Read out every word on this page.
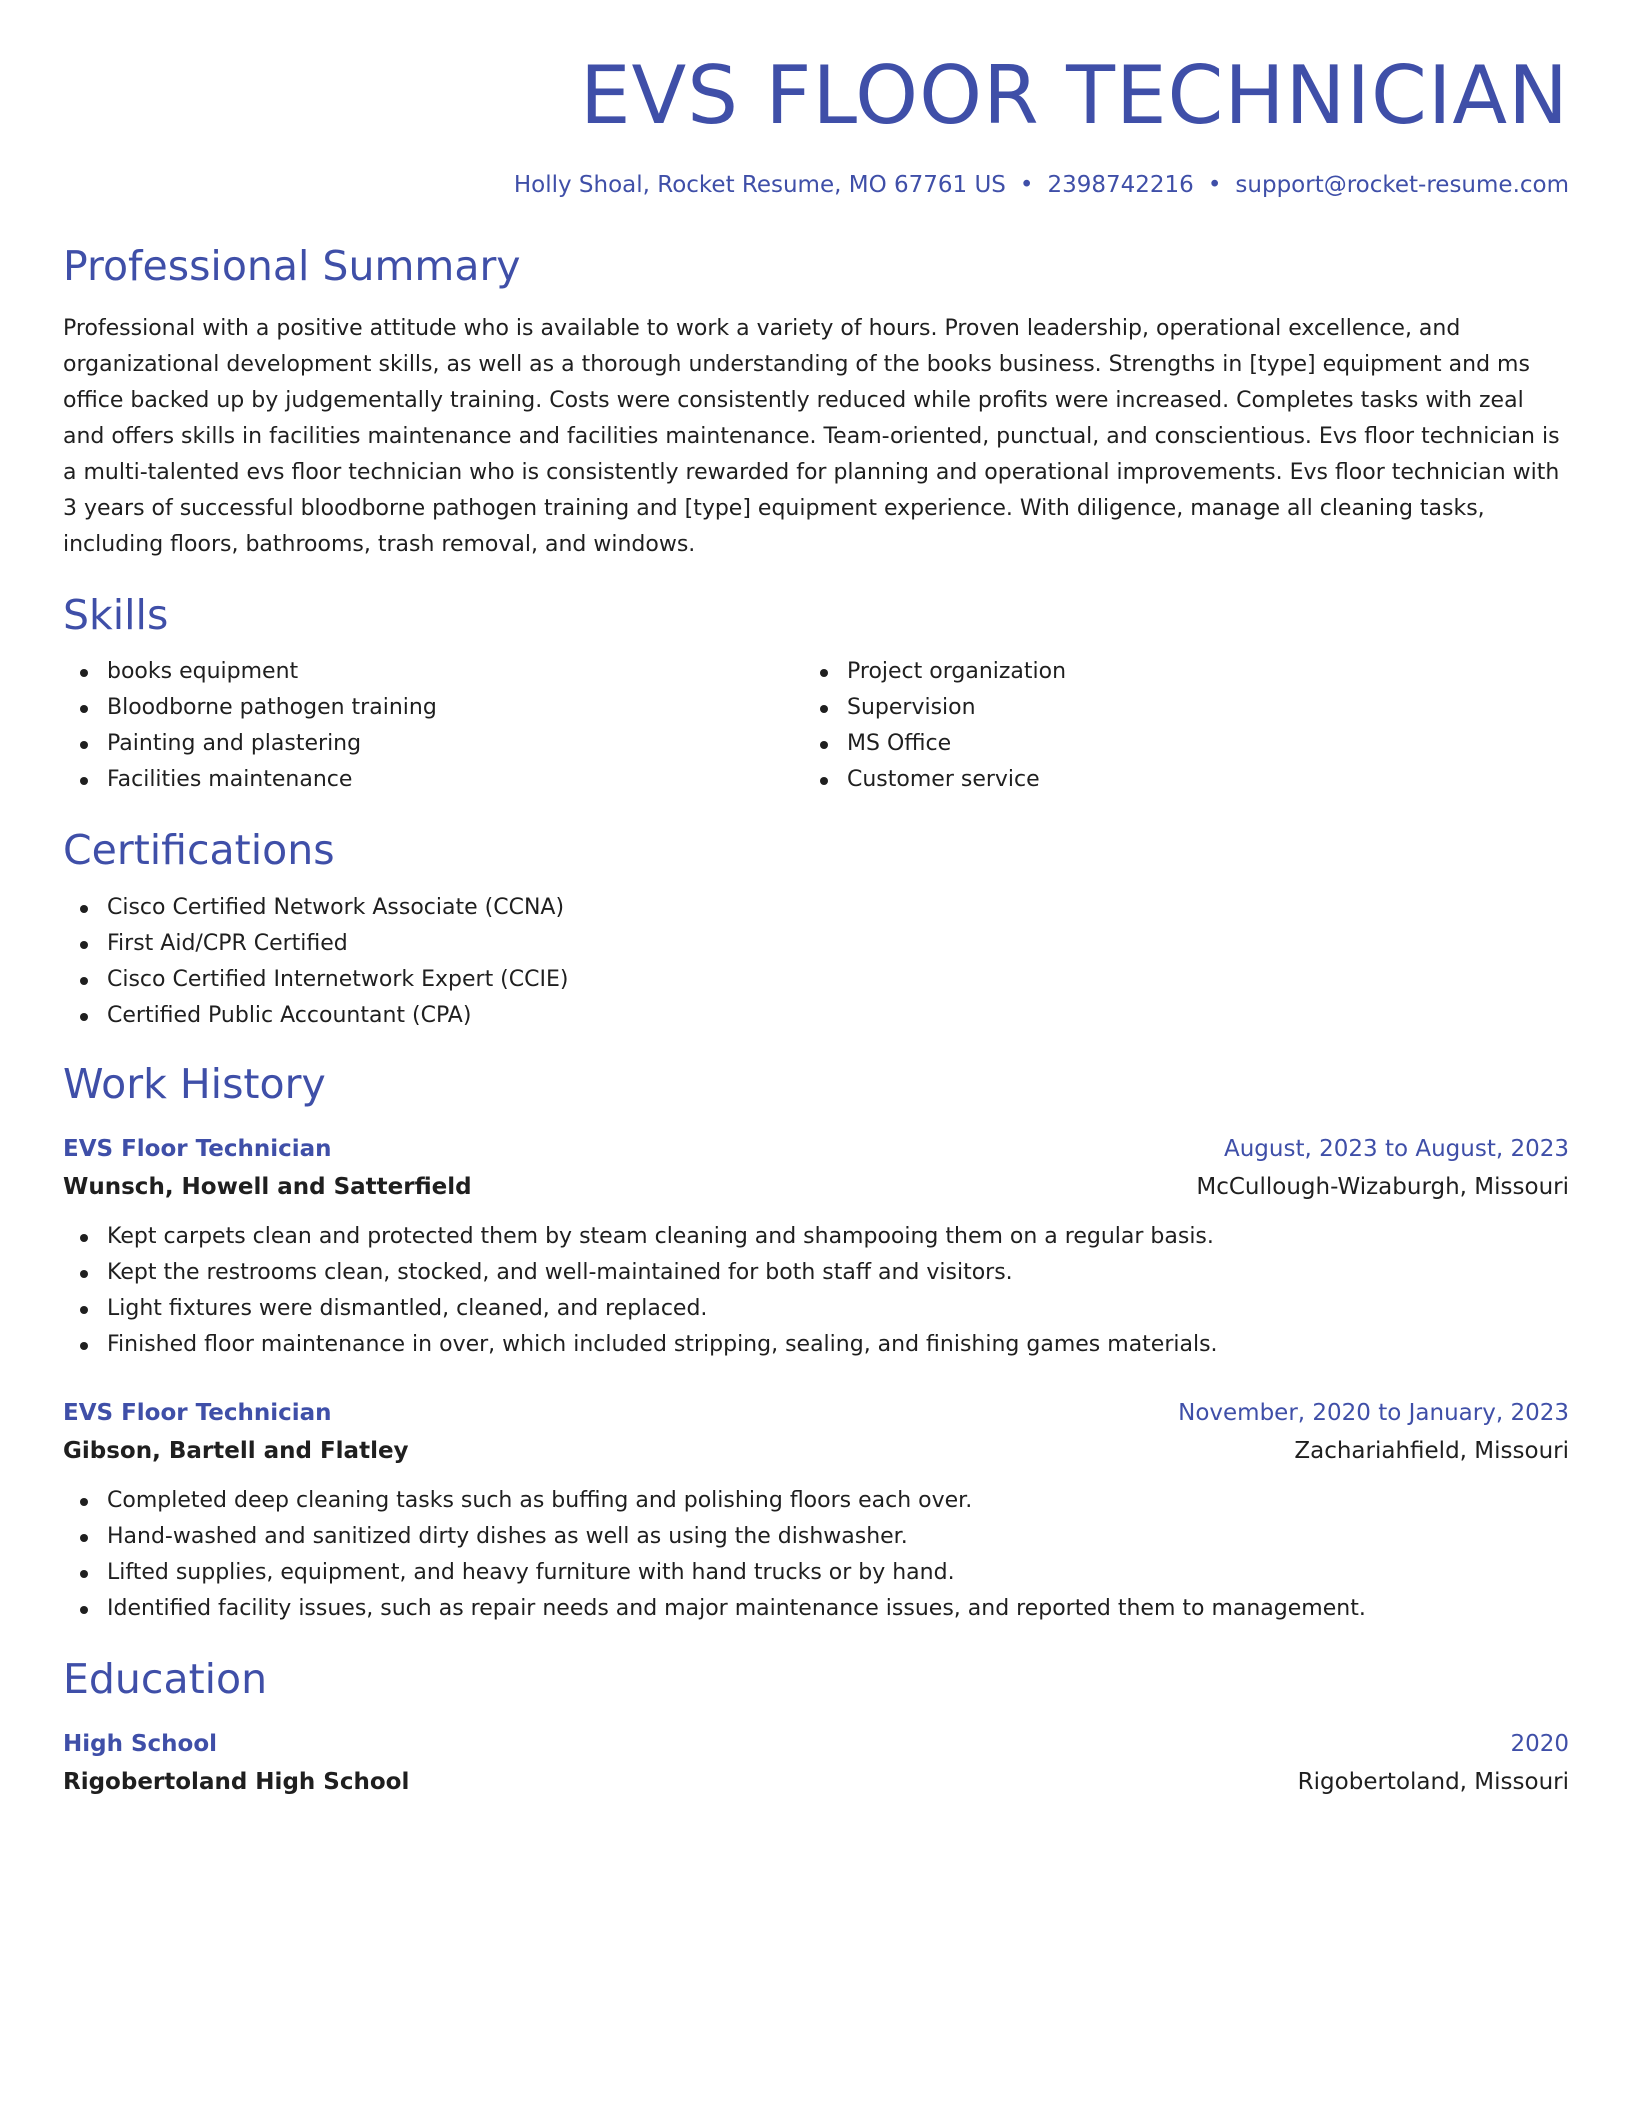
EVS FLOOR TECHNICIAN
Holly Shoal, Rocket Resume, MO 67761 US • 2398742216 • support@rocket-resume.com
Professional Summary

Professional with a positive attitude who is available to work a variety of hours. Proven leadership, operational excellence, and organizational development skills, as well as a thorough understanding of the books business. Strengths in [type] equipment and ms office backed up by judgementally training. Costs were consistently reduced while profits were increased. Completes tasks with zeal and offers skills in facilities maintenance and facilities maintenance. Team-oriented, punctual, and conscientious. Evs floor technician is a multi-talented evs floor technician who is consistently rewarded for planning and operational improvements. Evs floor technician with 3 years of successful bloodborne pathogen training and [type] equipment experience. With diligence, manage all cleaning tasks, including floors, bathrooms, trash removal, and windows.

Skills
books equipment
Bloodborne pathogen training
Painting and plastering
Facilities maintenance
Project organization
Supervision
MS Office
Customer service
Certifications
Cisco Certified Network Associate (CCNA)
First Aid/CPR Certified
Cisco Certified Internetwork Expert (CCIE)
Certified Public Accountant (CPA)
Work History
EVS Floor Technician	August, 2023 to August, 2023
Wunsch, Howell and Satterfield	McCullough-Wizaburgh, Missouri
Kept carpets clean and protected them by steam cleaning and shampooing them on a regular basis.
Kept the restrooms clean, stocked, and well-maintained for both staff and visitors.
Light fixtures were dismantled, cleaned, and replaced.
Finished floor maintenance in over, which included stripping, sealing, and finishing games materials.
EVS Floor Technician	November, 2020 to January, 2023
Gibson, Bartell and Flatley	Zachariahfield, Missouri
Completed deep cleaning tasks such as buffing and polishing floors each over.
Hand-washed and sanitized dirty dishes as well as using the dishwasher.
Lifted supplies, equipment, and heavy furniture with hand trucks or by hand.
Identified facility issues, such as repair needs and major maintenance issues, and reported them to management.
Education
High School	2020
Rigobertoland High School	Rigobertoland, Missouri
